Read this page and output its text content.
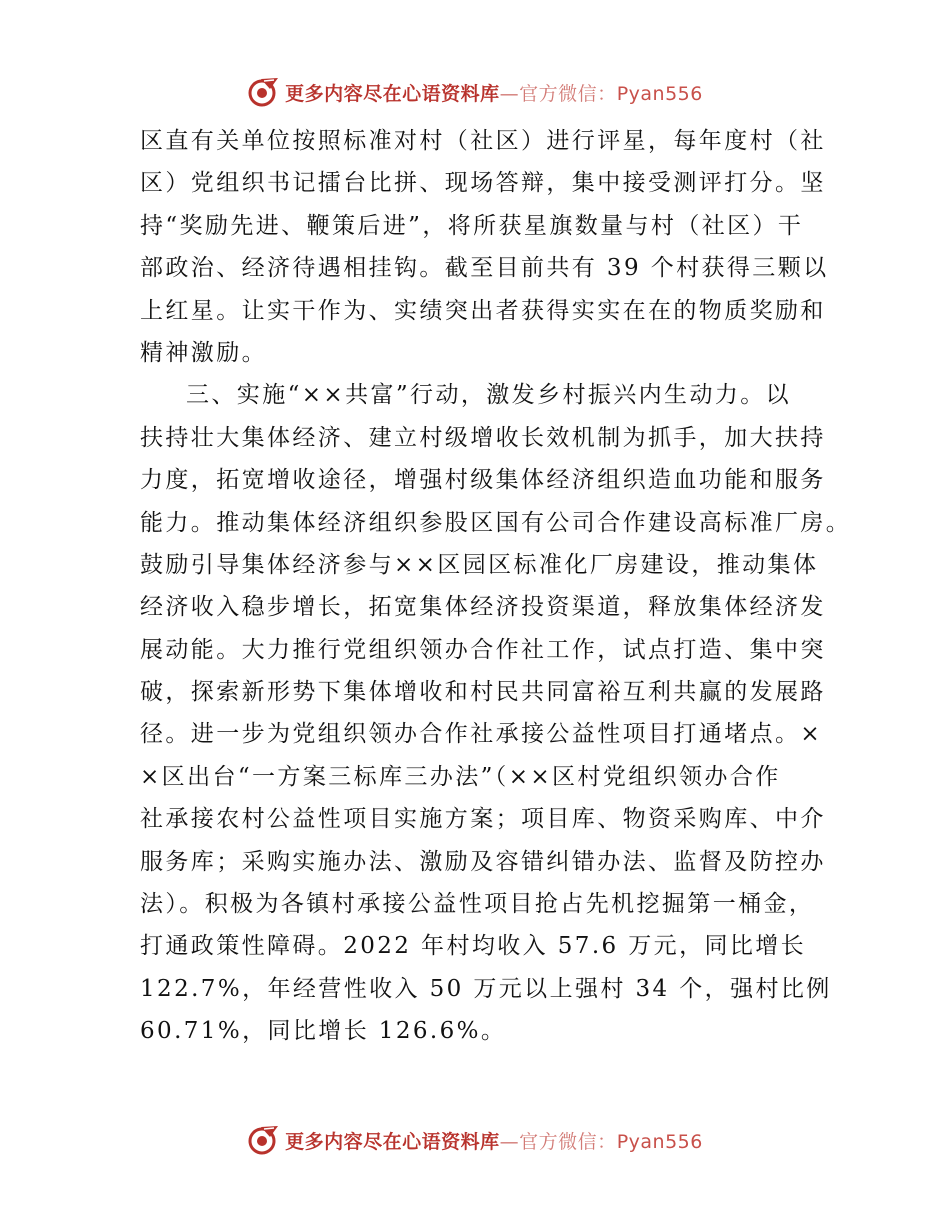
更多内容尽在心语资料库—官方微信：Pyan556
区直有关单位按照标准对村（社区）进行评星，每年度村（社
区）党组织书记擂台比拼、现场答辩，集中接受测评打分。坚
持“奖励先进、鞭策后进”，将所获星旗数量与村（社区）干
部政治、经济待遇相挂钩。截至目前共有 39 个村获得三颗以
上红星。让实干作为、实绩突出者获得实实在在的物质奖励和
精神激励。
三、实施“××共富”行动，激发乡村振兴内生动力。以
扶持壮大集体经济、建立村级增收长效机制为抓手，加大扶持
力度，拓宽增收途径，增强村级集体经济组织造血功能和服务
能力。推动集体经济组织参股区国有公司合作建设高标准厂房。
鼓励引导集体经济参与××区园区标准化厂房建设，推动集体
经济收入稳步增长，拓宽集体经济投资渠道，释放集体经济发
展动能。大力推行党组织领办合作社工作，试点打造、集中突
破，探索新形势下集体增收和村民共同富裕互利共赢的发展路
径。进一步为党组织领办合作社承接公益性项目打通堵点。×
×区出台“一方案三标库三办法”（××区村党组织领办合作
社承接农村公益性项目实施方案；项目库、物资采购库、中介
服务库；采购实施办法、激励及容错纠错办法、监督及防控办
法）。积极为各镇村承接公益性项目抢占先机挖掘第一桶金，
打通政策性障碍。2022 年村均收入 57.6 万元，同比增长
122.7%，年经营性收入 50 万元以上强村 34 个，强村比例
60.71%，同比增长 126.6%。
更多内容尽在心语资料库—官方微信：Pyan556
